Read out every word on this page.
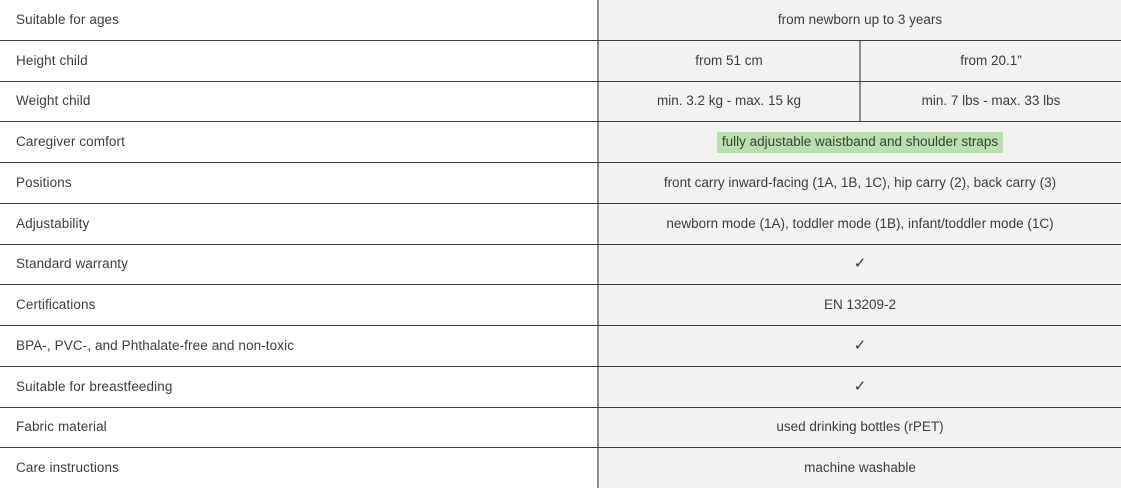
Suitable for ages	from newborn up to 3 years
Height child	from 51 cm	from 20.1”
Weight child	min. 3.2 kg - max. 15 kg	min. 7 lbs - max. 33 lbs
Caregiver comfort	fully adjustable waistband and shoulder straps
Positions	front carry inward-facing (1A, 1B, 1C), hip carry (2), back carry (3)
Adjustability	newborn mode (1A), toddler mode (1B), infant/toddler mode (1C)
Standard warranty	✓
Certifications	EN 13209-2
BPA-, PVC-, and Phthalate-free and non-toxic	✓
Suitable for breastfeeding	✓
Fabric material	used drinking bottles (rPET)
Care instructions	machine washable
